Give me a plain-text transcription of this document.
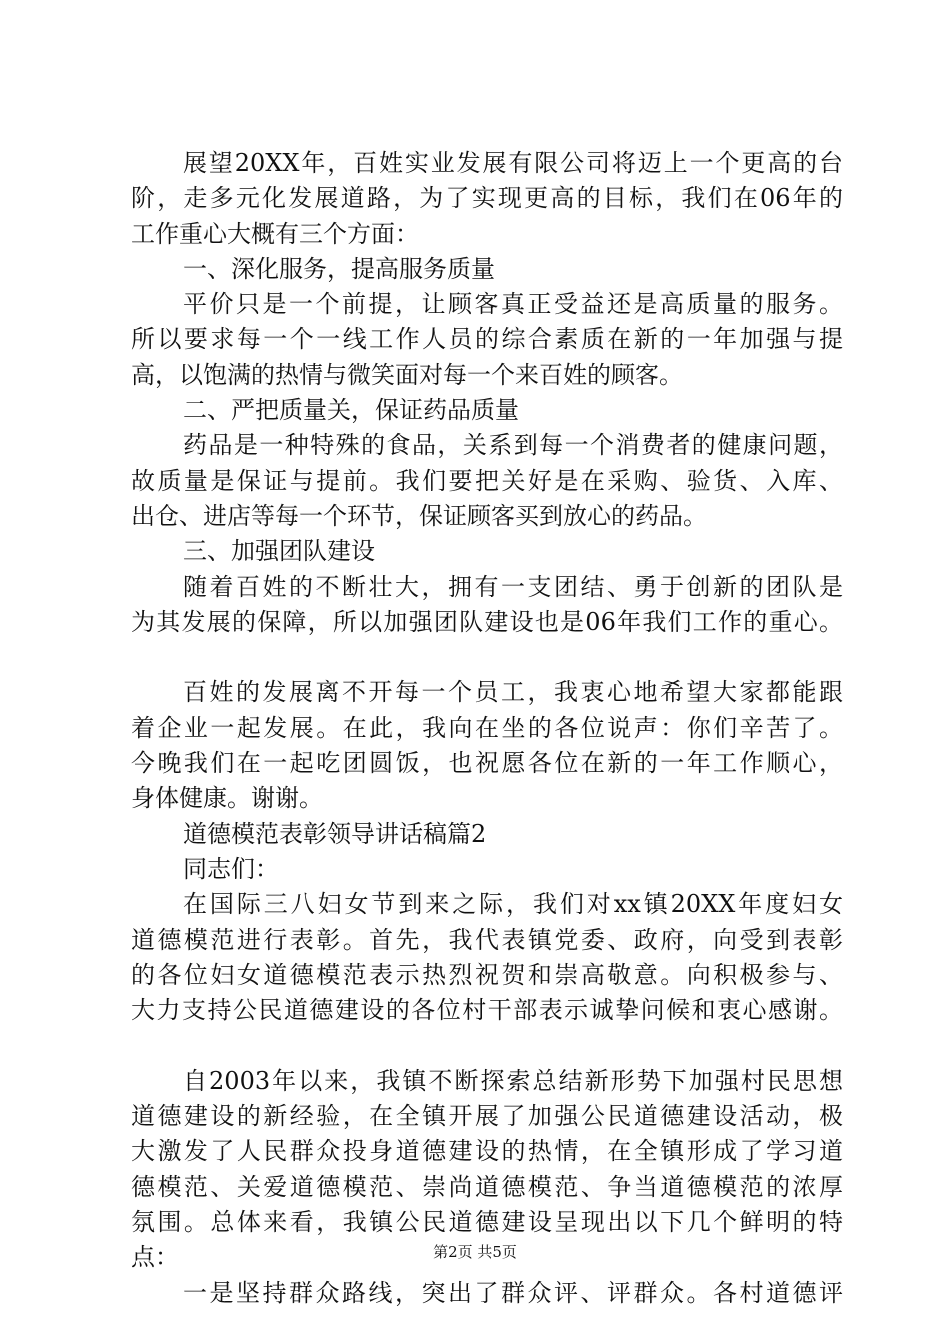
展望20XX年，百姓实业发展有限公司将迈上一个更高的台
阶，走多元化发展道路，为了实现更高的目标，我们在06年的
工作重心大概有三个方面：
一、深化服务，提高服务质量
平价只是一个前提，让顾客真正受益还是高质量的服务。
所以要求每一个一线工作人员的综合素质在新的一年加强与提
高，以饱满的热情与微笑面对每一个来百姓的顾客。
二、严把质量关，保证药品质量
药品是一种特殊的食品，关系到每一个消费者的健康问题，
故质量是保证与提前。我们要把关好是在采购、验货、入库、
出仓、进店等每一个环节，保证顾客买到放心的药品。
三、加强团队建设
随着百姓的不断壮大，拥有一支团结、勇于创新的团队是
为其发展的保障，所以加强团队建设也是06年我们工作的重心。
百姓的发展离不开每一个员工，我衷心地希望大家都能跟
着企业一起发展。在此，我向在坐的各位说声：你们辛苦了。
今晚我们在一起吃团圆饭，也祝愿各位在新的一年工作顺心，
身体健康。谢谢。
道德模范表彰领导讲话稿篇2
同志们：
在国际三八妇女节到来之际，我们对xx镇20XX年度妇女
道德模范进行表彰。首先，我代表镇党委、政府，向受到表彰
的各位妇女道德模范表示热烈祝贺和崇高敬意。向积极参与、
大力支持公民道德建设的各位村干部表示诚挚问候和衷心感谢。
自2003年以来，我镇不断探索总结新形势下加强村民思想
道德建设的新经验，在全镇开展了加强公民道德建设活动，极
大激发了人民群众投身道德建设的热情，在全镇形成了学习道
德模范、关爱道德模范、崇尚道德模范、争当道德模范的浓厚
氛围。总体来看，我镇公民道德建设呈现出以下几个鲜明的特
点：
一是坚持群众路线，突出了群众评、评群众。各村道德评
第2页 共5页
